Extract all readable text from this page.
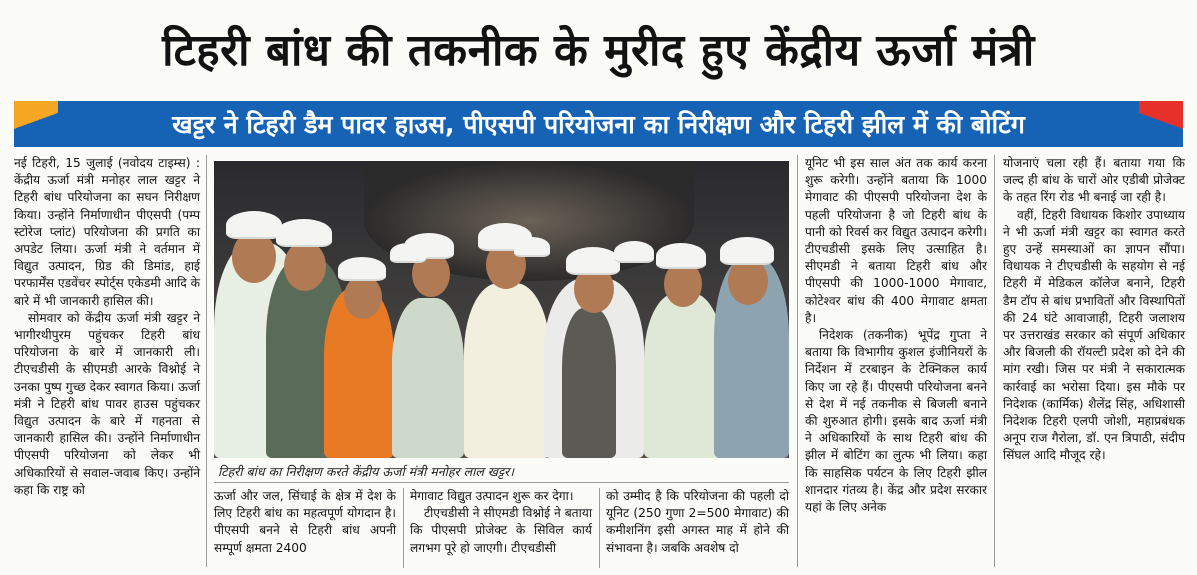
टिहरी बांध की तकनीक के मुरीद हुए केंद्रीय ऊर्जा मंत्री
खट्टर ने टिहरी डैम पावर हाउस, पीएसपी परियोजना का निरीक्षण और टिहरी झील में की बोटिंग

नई टिहरी, 15 जुलाई (नवोदय टाइम्स) : केंद्रीय ऊर्जा मंत्री मनोहर लाल खट्टर ने टिहरी बांध परियोजना का सघन निरीक्षण किया। उन्होंने निर्माणाधीन पीएसपी (पम्प स्टोरेज प्लांट) परियोजना की प्रगति का अपडेट लिया। ऊर्जा मंत्री ने वर्तमान में विद्युत उत्पादन, ग्रिड की डिमांड, हाई परफार्मेंस एडवेंचर स्पोर्ट्स एकेडमी आदि के बारे में भी जानकारी हासिल की।

सोमवार को केंद्रीय ऊर्जा मंत्री खट्टर ने भागीरथीपुरम पहुंचकर टिहरी बांध परियोजना के बारे में जानकारी ली। टीएचडीसी के सीएमडी आरके विश्नोई ने उनका पुष्प गुच्छ देकर स्वागत किया। ऊर्जा मंत्री ने टिहरी बांध पावर हाउस पहुंचकर विद्युत उत्पादन के बारे में गहनता से जानकारी हासिल की। उन्होंने निर्माणाधीन पीएसपी परियोजना को लेकर भी अधिकारियों से सवाल-जवाब किए। उन्होंने कहा कि राष्ट्र को

टिहरी बांध का निरीक्षण करते केंद्रीय ऊर्जा मंत्री मनोहर लाल खट्टर।

ऊर्जा और जल, सिंचाई के क्षेत्र में देश के लिए टिहरी बांध का महत्वपूर्ण योगदान है। पीएसपी बनने से टिहरी बांध अपनी सम्पूर्ण क्षमता 2400

मेगावाट विद्युत उत्पादन शुरू कर देगा।

टीएचडीसी ने सीएमडी विश्नोई ने बताया कि पीएसपी प्रोजेक्ट के सिविल कार्य लगभग पूरे हो जाएगी। टीएचडीसी

को उम्मीद है कि परियोजना की पहली दो यूनिट (250 गुणा 2=500 मेगावाट) की कमीशनिंग इसी अगस्त माह में होने की संभावना है। जबकि अवशेष दो

यूनिट भी इस साल अंत तक कार्य करना शुरू करेगी। उन्होंने बताया कि 1000 मेगावाट की पीएसपी परियोजना देश के पहली परियोजना है जो टिहरी बांध के पानी को रिवर्स कर विद्युत उत्पादन करेगी। टीएचडीसी इसके लिए उत्साहित है। सीएमडी ने बताया टिहरी बांध और पीएसपी की 1000-1000 मेगावाट, कोटेश्वर बांध की 400 मेगावाट क्षमता है।

निदेशक (तकनीक) भूपेंद्र गुप्ता ने बताया कि विभागीय कुशल इंजीनियरों के निर्देशन में टरबाइन के टेक्निकल कार्य किए जा रहे हैं। पीएसपी परियोजना बनने से देश में नई तकनीक से बिजली बनाने की शुरुआत होगी। इसके बाद ऊर्जा मंत्री ने अधिकारियों के साथ टिहरी बांध की झील में बोटिंग का लुत्फ भी लिया। कहा कि साहसिक पर्यटन के लिए टिहरी झील शानदार गंतव्य है। केंद्र और प्रदेश सरकार यहां के लिए अनेक

योजनाएं चला रही हैं। बताया गया कि जल्द ही बांध के चारों ओर एडीबी प्रोजेक्ट के तहत रिंग रोड भी बनाई जा रही है।

वहीं, टिहरी विधायक किशोर उपाध्याय ने भी ऊर्जा मंत्री खट्टर का स्वागत करते हुए उन्हें समस्याओं का ज्ञापन सौंपा। विधायक ने टीएचडीसी के सहयोग से नई टिहरी में मेडिकल कॉलेज बनाने, टिहरी डैम टॉप से बांध प्रभावितों और विस्थापितों की 24 घंटे आवाजाही, टिहरी जलाशय पर उत्तराखंड सरकार को संपूर्ण अधिकार और बिजली की रॉयल्टी प्रदेश को देने की मांग रखी। जिस पर मंत्री ने सकारात्मक कार्रवाई का भरोसा दिया। इस मौके पर निदेशक (कार्मिक) शैलेंद्र सिंह, अधिशासी निदेशक टिहरी एलपी जोशी, महाप्रबंधक अनूप राज गैरोला, डॉ. एन त्रिपाठी, संदीप सिंघल आदि मौजूद रहे।
